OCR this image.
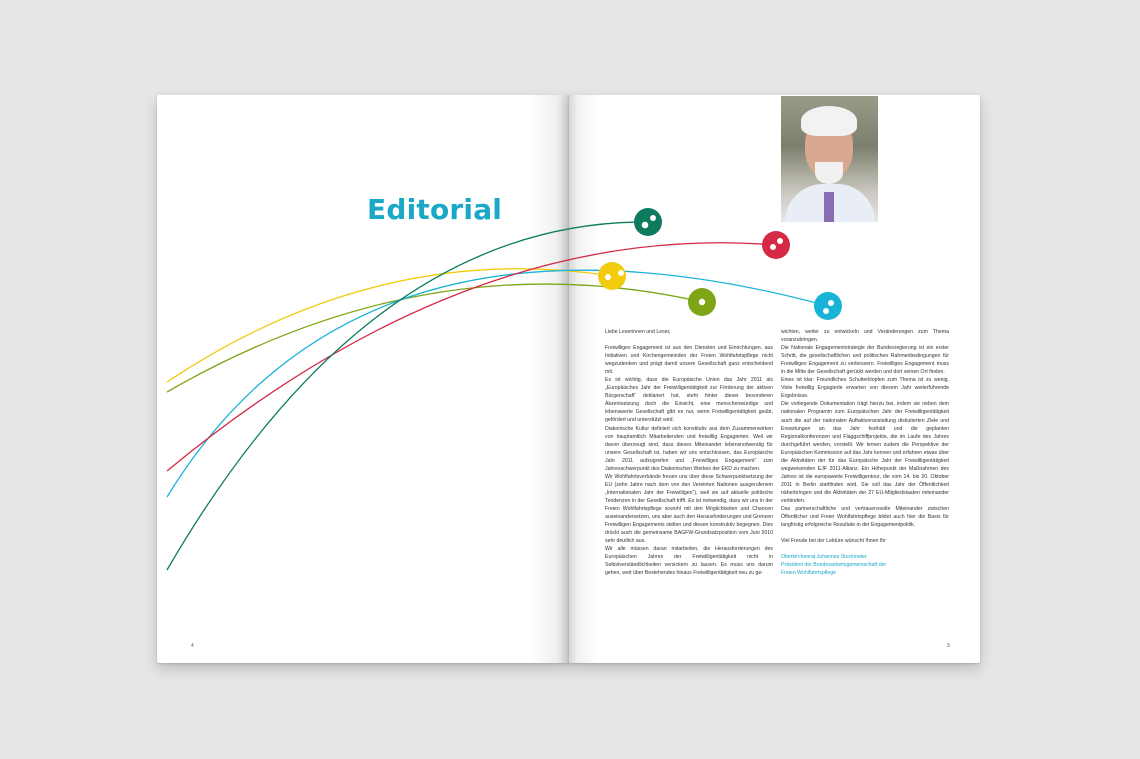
Editorial
4

Liebe Leserinnen und Leser,

Freiwilliges Engagement ist aus den Diensten und Einrichtungen, aus Initiativen und Kirchengemeinden der Freien Wohlfahrtspflege nicht wegzudenken und prägt damit unsere Gesellschaft ganz entscheidend mit.

Es ist wichtig, dass die Europäische Union das Jahr 2011 als „Europäisches Jahr der Freiwilligentätigkeit zur Förderung der aktiven Bürgerschaft“ deklariert hat, steht hinter dieser besonderen Akzentsetzung doch die Einsicht, eine menschenwürdige und lebenswerte Gesellschaft gibt es nur, wenn Freiwilligentätigkeit geübt, gefördert und unterstützt wird.

Diakonische Kultur definiert sich konstitutiv aus dem Zusammenwirken von hauptamtlich Mitarbeitenden und freiwillig Engagierten. Weil wir davon überzeugt sind, dass dieses Miteinander lebensnotwendig für unsere Gesellschaft ist, haben wir uns entschlossen, das Europäische Jahr 2011 aufzugreifen und „Freiwilliges Engagement“ zum Jahresschwerpunkt des Diakonischen Werkes der EKD zu machen.

Wir Wohlfahrtsverbände freuen uns über diese Schwerpunktsetzung der EU (zehn Jahre nach dem von den Vereinten Nationen ausgerufenem „Internationalen Jahr der Freiwilligen“), weil sie auf aktuelle politische Tendenzen in der Gesellschaft trifft. Es ist notwendig, dass wir uns in der Freien Wohlfahrtspflege sowohl mit den Möglichkeiten und Chancen auseinandersetzen, uns aber auch den Herausforderungen und Grenzen Freiwilligen Engagements stellen und diesen konstruktiv begegnen. Dies drückt auch die gemeinsame BAGFW-Grundsatzposition vom Juni 2010 sehr deutlich aus.

Wir alle müssen daran mitarbeiten, die Herausforderungen des Europäischen Jahres der Freiwilligentätigkeit nicht in Selbstverständlichkeiten versickern zu lassen. Es muss uns darum gehen, weit über Bestehendes hinaus Freiwilligentätigkeit neu zu ge-

wichten, weiter zu entwickeln und Veränderungen zum Thema voranzubringen.

Die Nationale Engagementstrategie der Bundesregierung ist ein erster Schritt, die gesellschaftlichen und politischen Rahmenbedingungen für Freiwilliges Engagement zu verbessern. Freiwilliges Engagement muss in die Mitte der Gesellschaft gerückt werden und dort seinen Ort finden.

Eines ist klar: Freundliches Schulterklopfen zum Thema ist zu wenig. Viele freiwillig Engagierte erwarten von diesem Jahr weiterführende Ergebnisse.

Die vorliegende Dokumentation trägt hierzu bei, indem sie neben dem nationalen Programm zum Europäischen Jahr der Freiwilligentätigkeit auch die auf der nationalen Auftaktveranstaltung diskutierten Ziele und Erwartungen an das Jahr festhält und die geplanten Regionalkonferenzen und Flaggschiffprojekte, die im Laufe des Jahres durchgeführt werden, vorstellt. Wir lernen zudem die Perspektive der Europäischen Kommission auf das Jahr kennen und erfahren etwas über die Aktivitäten der für das Europäische Jahr der Freiwilligentätigkeit wegweisenden EJF 2011-Allianz. Ein Höhepunkt der Maßnahmen des Jahres ist die europaweite Freiwilligentour, die vom 14. bis 20. Oktober 2011 in Berlin stattfinden wird. Sie soll das Jahr der Öffentlichkeit näherbringen und die Aktivitäten der 27 EU-Mitgliedstaaten miteinander verbinden.

Das partnerschaftliche und vertrauensvolle Miteinander zwischen Öffentlicher und Freier Wohlfahrtspflege bildet auch hier die Basis für langfristig erfolgreiche Resultate in der Engagementpolitik.

Viel Freude bei der Lektüre wünscht Ihnen Ihr

Oberkirchenrat Johannes Stockmeier

Präsident der Bundesarbeitsgemeinschaft der

Freien Wohlfahrtspflege

5
